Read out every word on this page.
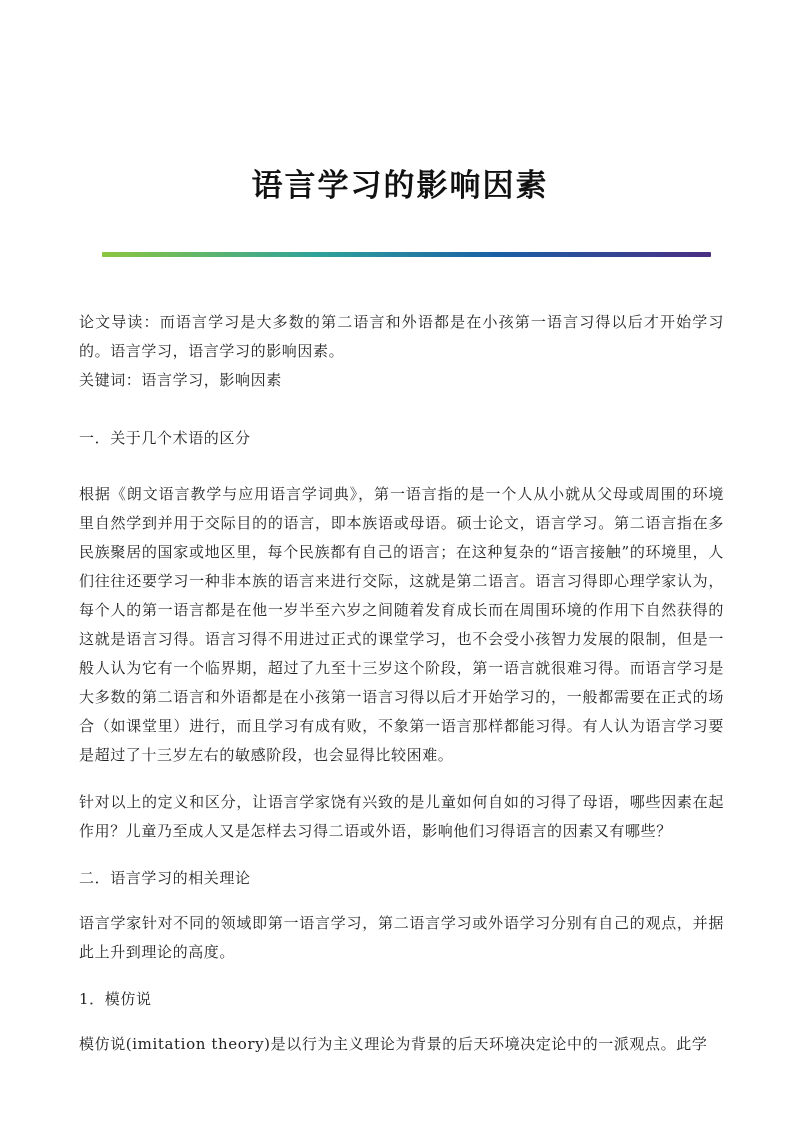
语言学习的影响因素

论文导读：而语言学习是大多数的第二语言和外语都是在小孩第一语言习得以后才开始学习的。语言学习，语言学习的影响因素。

关键词：语言学习，影响因素

一．关于几个术语的区分

根据《朗文语言教学与应用语言学词典》，第一语言指的是一个人从小就从父母或周围的环境里自然学到并用于交际目的的语言，即本族语或母语。硕士论文，语言学习。第二语言指在多民族聚居的国家或地区里，每个民族都有自己的语言；在这种复杂的“语言接触”的环境里，人们往往还要学习一种非本族的语言来进行交际，这就是第二语言。语言习得即心理学家认为，每个人的第一语言都是在他一岁半至六岁之间随着发育成长而在周围环境的作用下自然获得的这就是语言习得。语言习得不用进过正式的课堂学习，也不会受小孩智力发展的限制，但是一般人认为它有一个临界期，超过了九至十三岁这个阶段，第一语言就很难习得。而语言学习是大多数的第二语言和外语都是在小孩第一语言习得以后才开始学习的，一般都需要在正式的场合（如课堂里）进行，而且学习有成有败，不象第一语言那样都能习得。有人认为语言学习要是超过了十三岁左右的敏感阶段，也会显得比较困难。

针对以上的定义和区分，让语言学家饶有兴致的是儿童如何自如的习得了母语，哪些因素在起作用？儿童乃至成人又是怎样去习得二语或外语，影响他们习得语言的因素又有哪些？

二．语言学习的相关理论

语言学家针对不同的领域即第一语言学习，第二语言学习或外语学习分别有自己的观点，并据此上升到理论的高度。

1．模仿说

模仿说(imitation theory)是以行为主义理论为背景的后天环境决定论中的一派观点。此学
